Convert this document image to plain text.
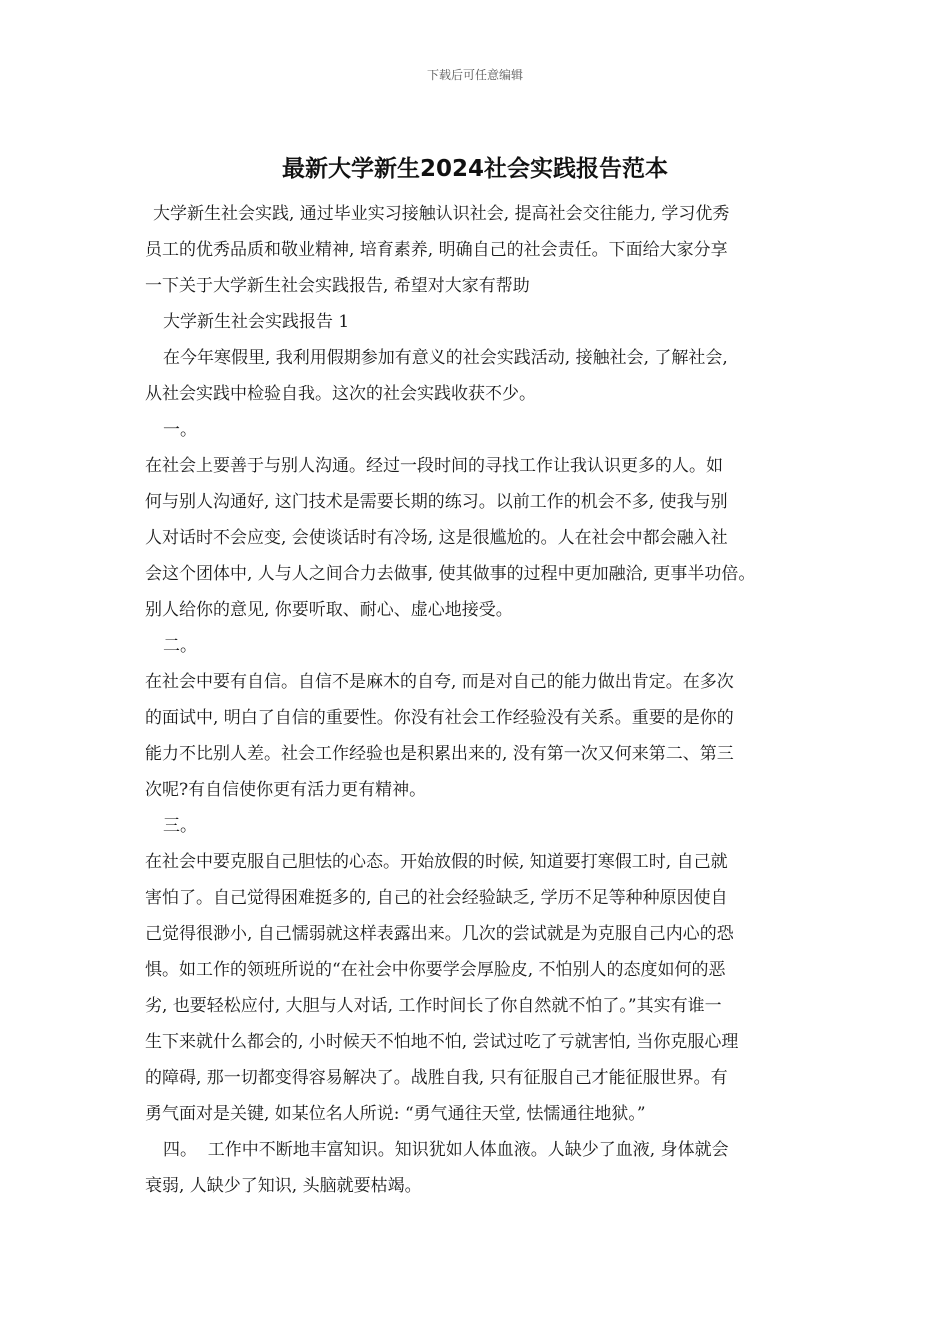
下载后可任意编辑
最新大学新生2024社会实践报告范本

大学新生社会实践, 通过毕业实习接触认识社会, 提高社会交往能力, 学习优秀

员工的优秀品质和敬业精神, 培育素养, 明确自己的社会责任。下面给大家分享

一下关于大学新生社会实践报告, 希望对大家有帮助

大学新生社会实践报告 1

在今年寒假里, 我利用假期参加有意义的社会实践活动, 接触社会, 了解社会,

从社会实践中检验自我。这次的社会实践收获不少。

一。

在社会上要善于与别人沟通。经过一段时间的寻找工作让我认识更多的人。如

何与别人沟通好, 这门技术是需要长期的练习。以前工作的机会不多, 使我与别

人对话时不会应变, 会使谈话时有冷场, 这是很尴尬的。人在社会中都会融入社

会这个团体中, 人与人之间合力去做事, 使其做事的过程中更加融洽, 更事半功倍。

别人给你的意见, 你要听取、耐心、虚心地接受。

二。

在社会中要有自信。自信不是麻木的自夸, 而是对自己的能力做出肯定。在多次

的面试中, 明白了自信的重要性。你没有社会工作经验没有关系。重要的是你的

能力不比别人差。社会工作经验也是积累出来的, 没有第一次又何来第二、第三

次呢?有自信使你更有活力更有精神。

三。

在社会中要克服自己胆怯的心态。开始放假的时候, 知道要打寒假工时, 自己就

害怕了。自己觉得困难挺多的, 自己的社会经验缺乏, 学历不足等种种原因使自

己觉得很渺小, 自己懦弱就这样表露出来。几次的尝试就是为克服自己内心的恐

惧。如工作的领班所说的“在社会中你要学会厚脸皮, 不怕别人的态度如何的恶

劣, 也要轻松应付, 大胆与人对话, 工作时间长了你自然就不怕了。”其实有谁一

生下来就什么都会的, 小时候天不怕地不怕, 尝试过吃了亏就害怕, 当你克服心理

的障碍, 那一切都变得容易解决了。战胜自我, 只有征服自己才能征服世界。有

勇气面对是关键, 如某位名人所说: “勇气通往天堂, 怯懦通往地狱。”

四。  工作中不断地丰富知识。知识犹如人体血液。人缺少了血液, 身体就会

衰弱, 人缺少了知识, 头脑就要枯竭。
